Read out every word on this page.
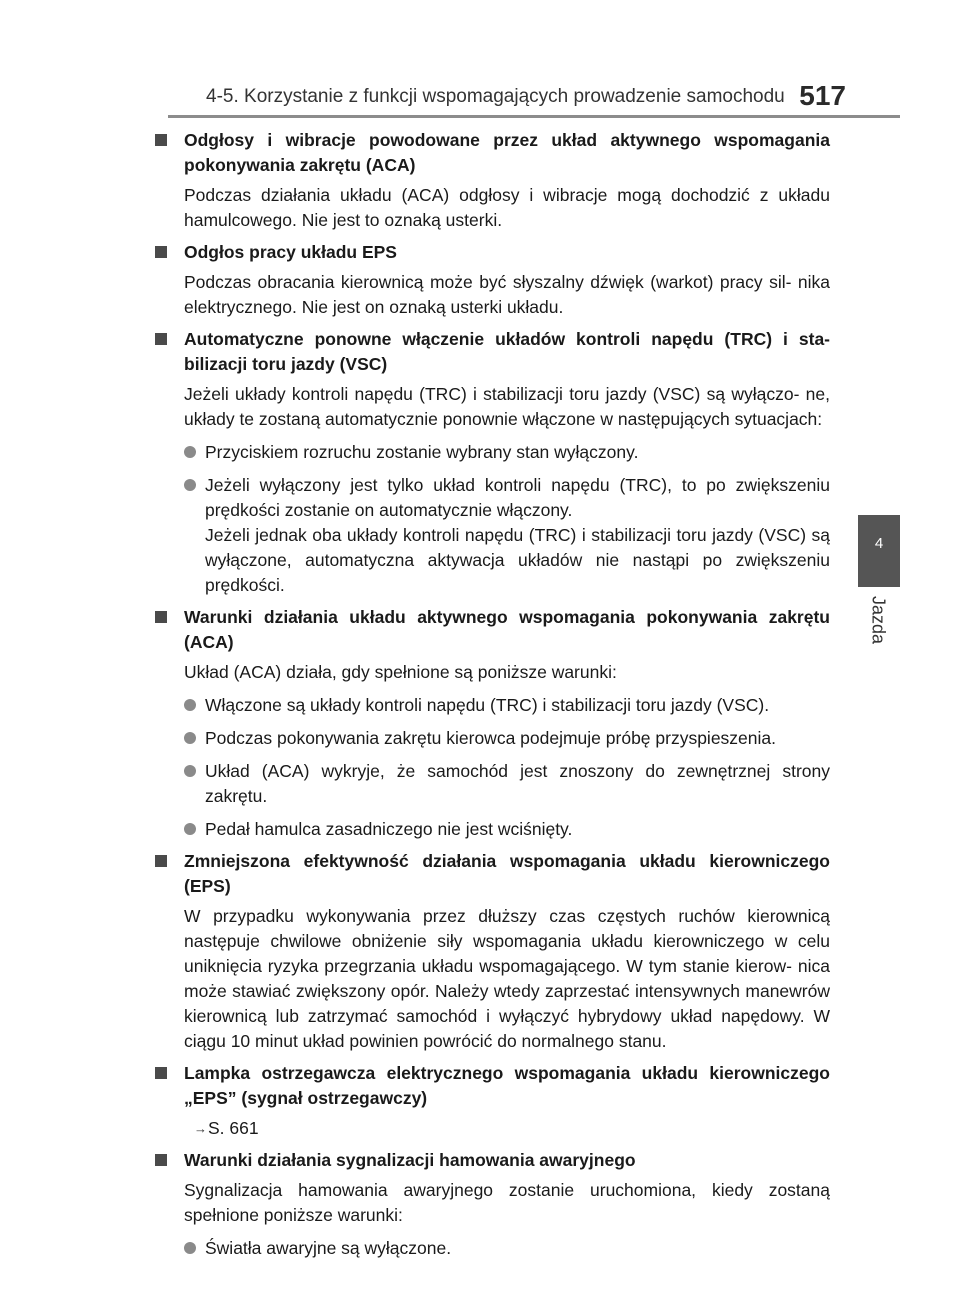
4-5. Korzystanie z funkcji wspomagających prowadzenie samochodu 517
4
Jazda
Odgłosy i wibracje powodowane przez układ aktywnego wspomagania pokonywania zakrętu (ACA)
Podczas działania układu (ACA) odgłosy i wibracje mogą dochodzić z układu hamulcowego. Nie jest to oznaką usterki.
Odgłos pracy układu EPS
Podczas obracania kierownicą może być słyszalny dźwięk (warkot) pracy sil- nika elektrycznego. Nie jest on oznaką usterki układu.
Automatyczne ponowne włączenie układów kontroli napędu (TRC) i sta- bilizacji toru jazdy (VSC)
Jeżeli układy kontroli napędu (TRC) i stabilizacji toru jazdy (VSC) są wyłączo- ne, układy te zostaną automatycznie ponownie włączone w następujących sytuacjach:
Przyciskiem rozruchu zostanie wybrany stan wyłączony.
Jeżeli wyłączony jest tylko układ kontroli napędu (TRC), to po zwiększeniu prędkości zostanie on automatycznie włączony.
Jeżeli jednak oba układy kontroli napędu (TRC) i stabilizacji toru jazdy (VSC) są wyłączone, automatyczna aktywacja układów nie nastąpi po zwiększeniu prędkości.
Warunki działania układu aktywnego wspomagania pokonywania zakrętu (ACA)
Układ (ACA) działa, gdy spełnione są poniższe warunki:
Włączone są układy kontroli napędu (TRC) i stabilizacji toru jazdy (VSC).
Podczas pokonywania zakrętu kierowca podejmuje próbę przyspieszenia.
Układ (ACA) wykryje, że samochód jest znoszony do zewnętrznej strony zakrętu.
Pedał hamulca zasadniczego nie jest wciśnięty.
Zmniejszona efektywność działania wspomagania układu kierowniczego (EPS)
W przypadku wykonywania przez dłuższy czas częstych ruchów kierownicą następuje chwilowe obniżenie siły wspomagania układu kierowniczego w celu uniknięcia ryzyka przegrzania układu wspomagającego. W tym stanie kierow- nica może stawiać zwiększony opór. Należy wtedy zaprzestać intensywnych manewrów kierownicą lub zatrzymać samochód i wyłączyć hybrydowy układ napędowy. W ciągu 10 minut układ powinien powrócić do normalnego stanu.
Lampka ostrzegawcza elektrycznego wspomagania układu kierowniczego „EPS” (sygnał ostrzegawczy)
→ S. 661
Warunki działania sygnalizacji hamowania awaryjnego
Sygnalizacja hamowania awaryjnego zostanie uruchomiona, kiedy zostaną spełnione poniższe warunki:
Światła awaryjne są wyłączone.
